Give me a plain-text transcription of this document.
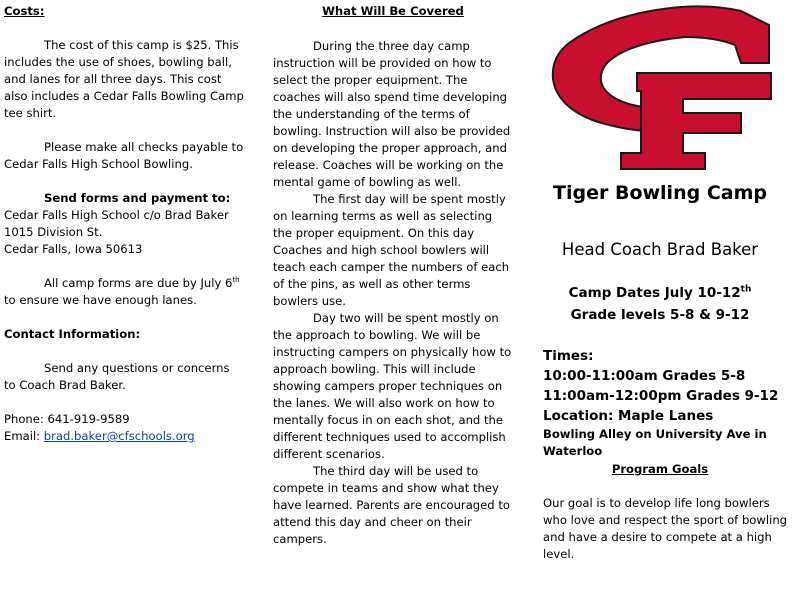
Costs:

The cost of this camp is $25. This includes the use of shoes, bowling ball, and lanes for all three days. This cost also includes a Cedar Falls Bowling Camp tee shirt.

Please make all checks payable to Cedar Falls High School Bowling.

Send forms and payment to:

Cedar Falls High School c/o Brad Baker

1015 Division St.

Cedar Falls, Iowa 50613

All camp forms are due by July 6th to ensure we have enough lanes.

Contact Information:

Send any questions or concerns to Coach Brad Baker.

Phone: 641-919-9589

Email: brad.baker@cfschools.org

What Will Be Covered

During the three day camp instruction will be provided on how to select the proper equipment. The coaches will also spend time developing the understanding of the terms of bowling. Instruction will also be provided on developing the proper approach, and release. Coaches will be working on the mental game of bowling as well.

The first day will be spent mostly on learning terms as well as selecting the proper equipment. On this day Coaches and high school bowlers will teach each camper the numbers of each of the pins, as well as other terms bowlers use.

Day two will be spent mostly on the approach to bowling. We will be instructing campers on physically how to approach bowling. This will include showing campers proper techniques on the lanes. We will also work on how to mentally focus in on each shot, and the different techniques used to accomplish different scenarios.

The third day will be used to compete in teams and show what they have learned. Parents are encouraged to attend this day and cheer on their campers.

Tiger Bowling Camp
Head Coach Brad Baker
Camp Dates July 10-12th
Grade levels 5-8 & 9-12
Times:
10:00-11:00am Grades 5-8
11:00am-12:00pm Grades 9-12
Location: Maple Lanes
Bowling Alley on University Ave in Waterloo

Program Goals

Our goal is to develop life long bowlers who love and respect the sport of bowling and have a desire to compete at a high level.
